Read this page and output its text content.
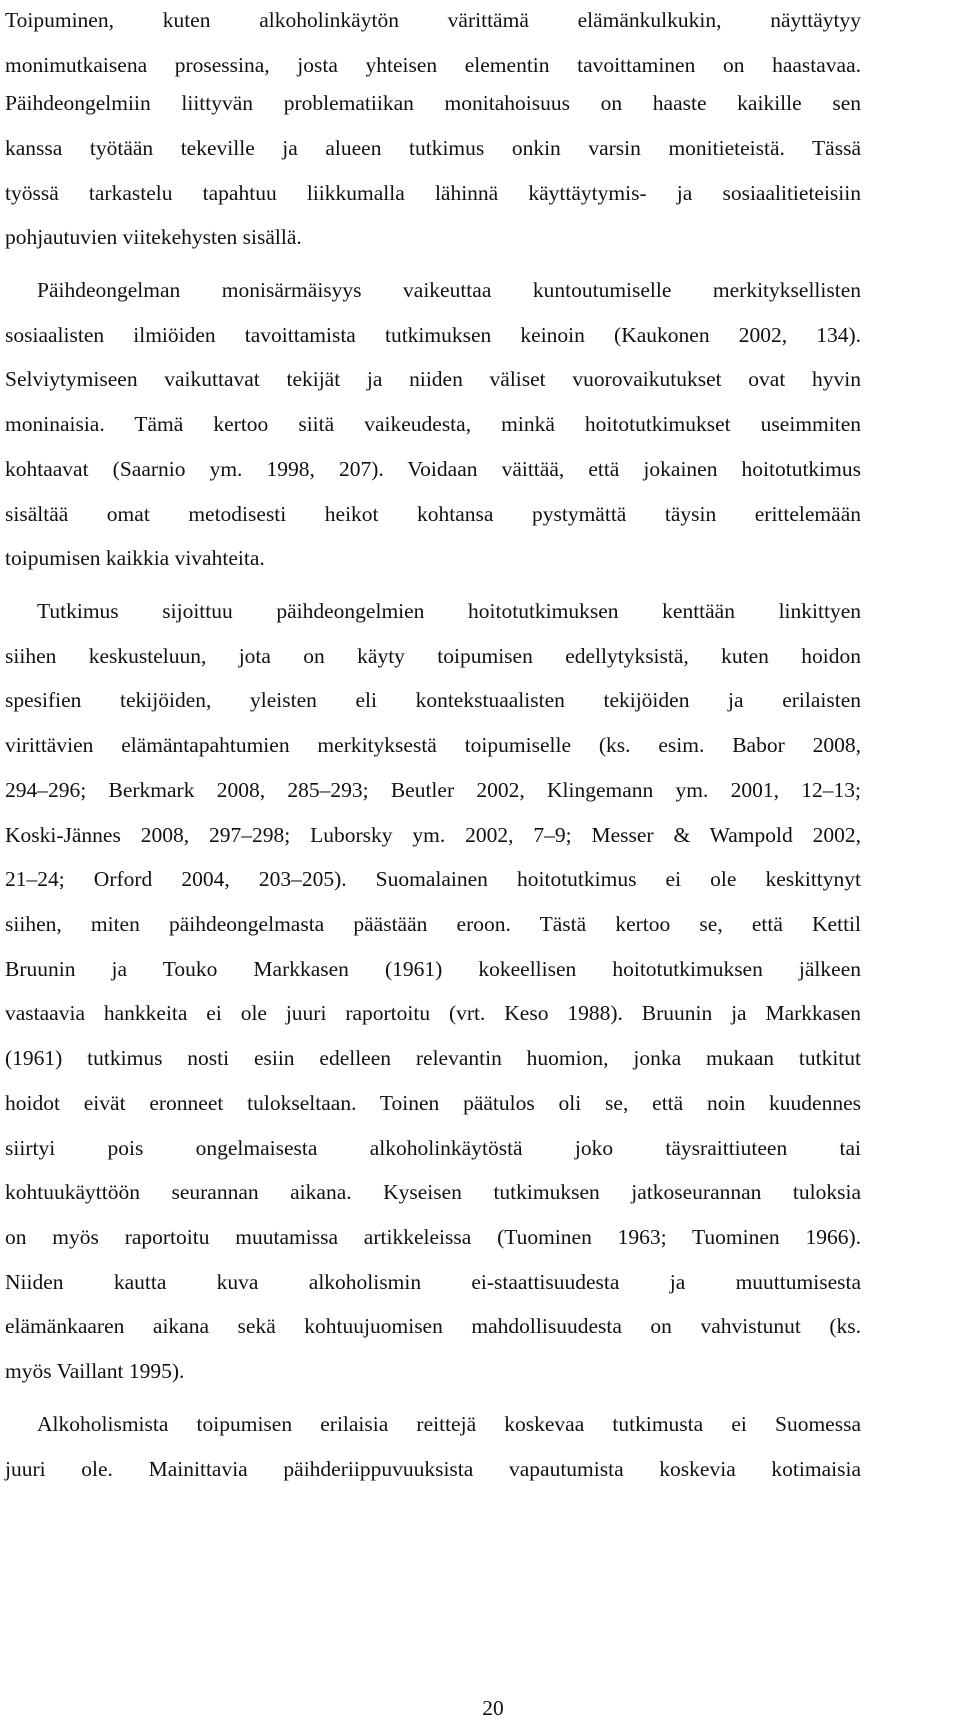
Toipuminen, kuten alkoholinkäytön värittämä elämänkulkukin, näyttäytyy
monimutkaisena prosessina, josta yhteisen elementin tavoittaminen on haastavaa.
Päihdeongelmiin liittyvän problematiikan monitahoisuus on haaste kaikille sen
kanssa työtään tekeville ja alueen tutkimus onkin varsin monitieteistä. Tässä
työssä tarkastelu tapahtuu liikkumalla lähinnä käyttäytymis- ja sosiaalitieteisiin
pohjautuvien viitekehysten sisällä.
Päihdeongelman monisärmäisyys vaikeuttaa kuntoutumiselle merkityksellisten
sosiaalisten ilmiöiden tavoittamista tutkimuksen keinoin (Kaukonen 2002, 134).
Selviytymiseen vaikuttavat tekijät ja niiden väliset vuorovaikutukset ovat hyvin
moninaisia. Tämä kertoo siitä vaikeudesta, minkä hoitotutkimukset useimmiten
kohtaavat (Saarnio ym. 1998, 207). Voidaan väittää, että jokainen hoitotutkimus
sisältää omat metodisesti heikot kohtansa pystymättä täysin erittelemään
toipumisen kaikkia vivahteita.
Tutkimus sijoittuu päihdeongelmien hoitotutkimuksen kenttään linkittyen
siihen keskusteluun, jota on käyty toipumisen edellytyksistä, kuten hoidon
spesifien tekijöiden, yleisten eli kontekstuaalisten tekijöiden ja erilaisten
virittävien elämäntapahtumien merkityksestä toipumiselle (ks. esim. Babor 2008,
294–296; Berkmark 2008, 285–293; Beutler 2002, Klingemann ym. 2001, 12–13;
Koski-Jännes 2008, 297–298; Luborsky ym. 2002, 7–9; Messer & Wampold 2002,
21–24; Orford 2004, 203–205). Suomalainen hoitotutkimus ei ole keskittynyt
siihen, miten päihdeongelmasta päästään eroon. Tästä kertoo se, että Kettil
Bruunin ja Touko Markkasen (1961) kokeellisen hoitotutkimuksen jälkeen
vastaavia hankkeita ei ole juuri raportoitu (vrt. Keso 1988). Bruunin ja Markkasen
(1961) tutkimus nosti esiin edelleen relevantin huomion, jonka mukaan tutkitut
hoidot eivät eronneet tulokseltaan. Toinen päätulos oli se, että noin kuudennes
siirtyi pois ongelmaisesta alkoholinkäytöstä joko täysraittiuteen tai
kohtuukäyttöön seurannan aikana. Kyseisen tutkimuksen jatkoseurannan tuloksia
on myös raportoitu muutamissa artikkeleissa (Tuominen 1963; Tuominen 1966).
Niiden kautta kuva alkoholismin ei-staattisuudesta ja muuttumisesta
elämänkaaren aikana sekä kohtuujuomisen mahdollisuudesta on vahvistunut (ks.
myös Vaillant 1995).
Alkoholismista toipumisen erilaisia reittejä koskevaa tutkimusta ei Suomessa
juuri ole. Mainittavia päihderiippuvuuksista vapautumista koskevia kotimaisia
20
